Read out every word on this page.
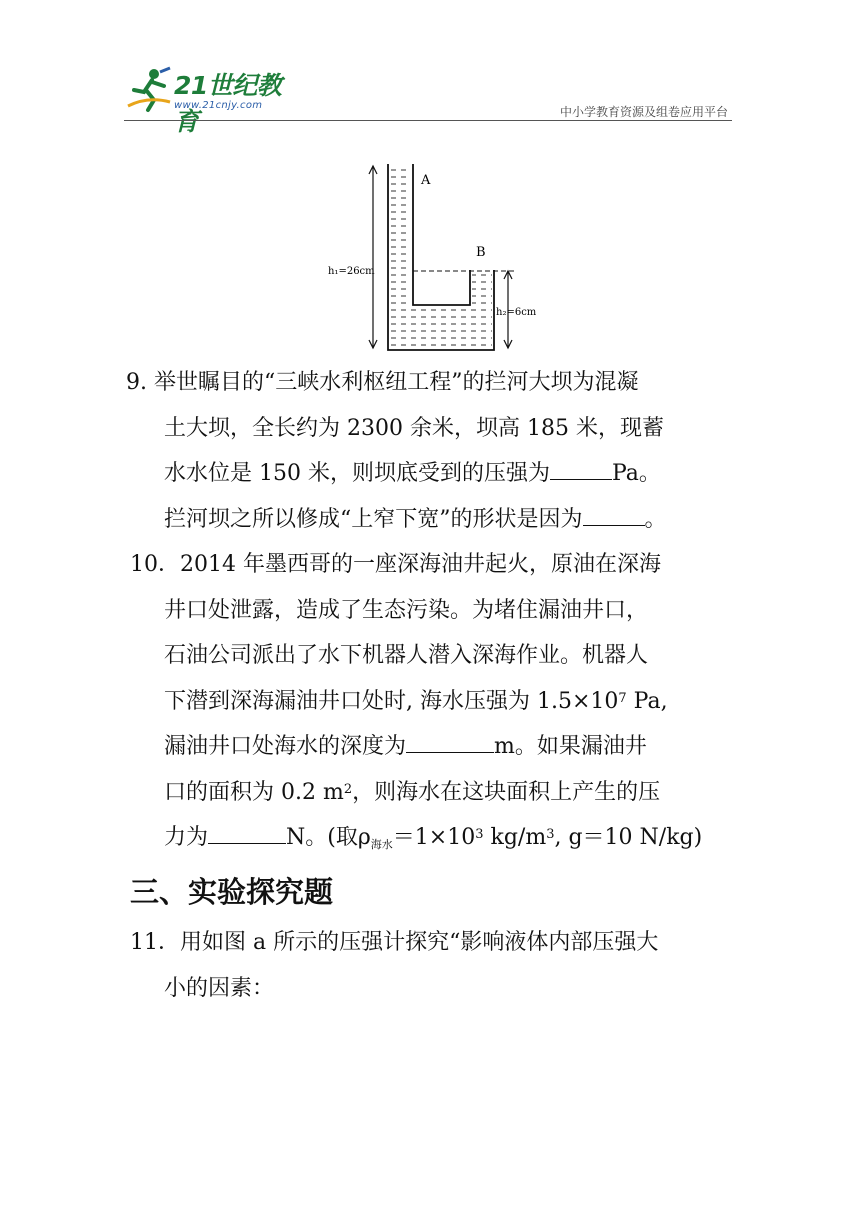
21世纪教育
www.21cnjy.com	中小学教育资源及组卷应用平台
A
B
h₁=26cm
h₂=6cm
9. 举世瞩目的“三峡水利枢纽工程”的拦河大坝为混凝
土大坝，全长约为 2300 余米，坝高 185 米，现蓄
水水位是 150 米，则坝底受到的压强为	Pa。
拦河坝之所以修成“上窄下宽”的形状是因为	。
10．2014 年墨西哥的一座深海油井起火，原油在深海
井口处泄露，造成了生态污染。为堵住漏油井口，
石油公司派出了水下机器人潜入深海作业。机器人
下潜到深海漏油井口处时, 海水压强为 $1.5\times 10^7$ Pa,
漏油井口处海水的深度为	m。如果漏油井
口的面积为 0.2 $m^2$，则海水在这块面积上产生的压
力为	N。(取ρ海水$=1\times 10^3$ $kg/m^3$, g＝10 N/kg)
三、实验探究题
11．用如图 a 所示的压强计探究“影响液体内部压强大
小的因素：
